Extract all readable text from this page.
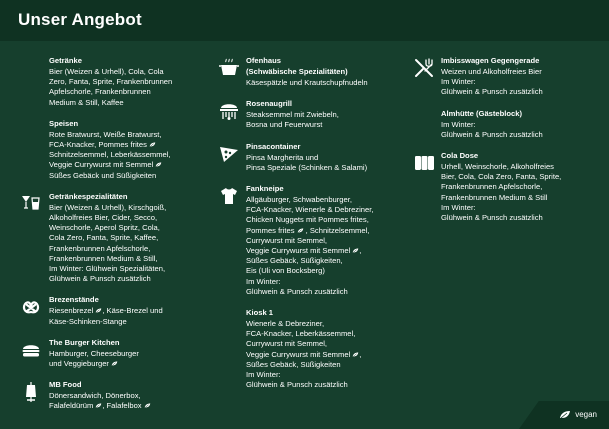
Unser Angebot
Getränke
Bier (Weizen & Urhell), Cola, Cola
Zero, Fanta, Sprite, Frankenbrunnen
Apfelschorle, Frankenbrunnen
Medium & Still, Kaffee
Speisen
Rote Bratwurst, Weiße Bratwurst,
FCA-Knacker, Pommes frites
Schnitzelsemmel, Leberkässemmel,
Veggie Currywurst mit Semmel
Süßes Gebäck und Süßigkeiten
Getränkespezialitäten
Bier (Weizen & Urhell), Kirschgoiß,
Alkoholfreies Bier, Cider, Secco,
Weinschorle, Aperol Spritz, Cola,
Cola Zero, Fanta, Sprite, Kaffee,
Frankenbrunnen Apfelschorle,
Frankenbrunnen Medium & Still,
Im Winter: Glühwein Spezialitäten,
Glühwein & Punsch zusätzlich
Brezenstände
Riesenbrezel , Käse-Brezel und
Käse-Schinken-Stange
The Burger Kitchen
Hamburger, Cheeseburger
und Veggieburger
MB Food
Dönersandwich, Dönerbox,
Falafeldürüm , Falafelbox
Ofenhaus
(Schwäbische Spezialitäten)
Käsespätzle und Krautschupfnudeln
Rosenaugrill
Steaksemmel mit Zwiebeln,
Bosna und Feuerwurst
Pinsacontainer
Pinsa Margherita und
Pinsa Speziale (Schinken & Salami)
Fankneipe
Allgäuburger, Schwabenburger,
FCA-Knacker, Wienerle & Debreziner,
Chicken Nuggets mit Pommes frites,
Pommes frites
, Schnitzelsemmel,
Currywurst mit Semmel,
Veggie Currywurst mit Semmel ,
Süßes Gebäck, Süßigkeiten,
Eis (Uli von Bocksberg)
Im Winter:
Glühwein & Punsch zusätzlich
Kiosk 1
Wienerle & Debreziner,
FCA-Knacker, Leberkässemmel,
Currywurst mit Semmel,
Veggie Currywurst mit Semmel ,
Süßes Gebäck, Süßigkeiten
Im Winter:
Glühwein & Punsch zusätzlich
Imbisswagen Gegengerade
Weizen und Alkoholfreies Bier
Im Winter:
Glühwein & Punsch zusätzlich
Almhütte (Gästeblock)
Im Winter:
Glühwein & Punsch zusätzlich
Cola Dose
Urhell, Weinschorle, Alkoholfreies
Bier, Cola, Cola Zero, Fanta, Sprite,
Frankenbrunnen Apfelschorle,
Frankenbrunnen Medium & Still
Im Winter:
Glühwein & Punsch zusätzlich
vegan
